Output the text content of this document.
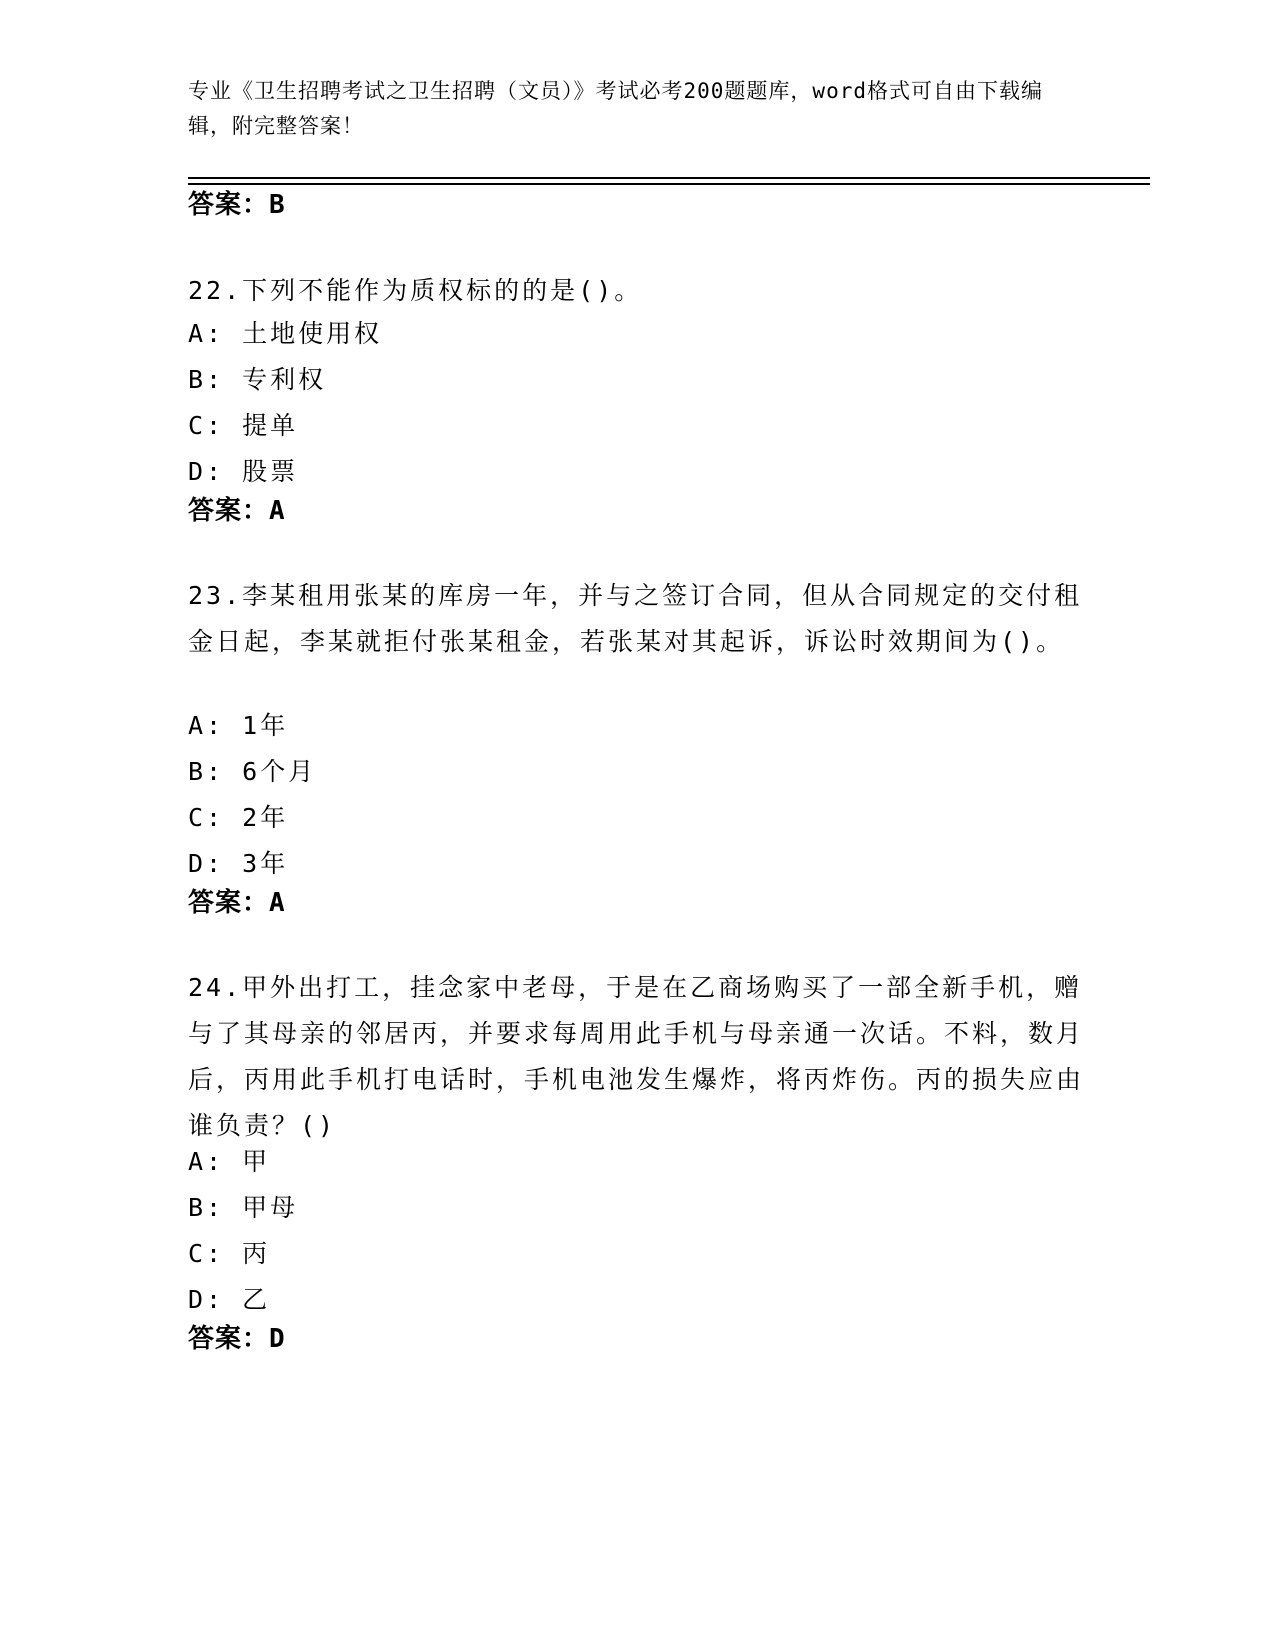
专业《卫生招聘考试之卫生招聘（文员）》考试必考200题题库，word格式可自由下载编辑，附完整答案！
答案：B
22.下列不能作为质权标的的是()。
A: 土地使用权
B: 专利权
C: 提单
D: 股票
答案：A
23.李某租用张某的库房一年，并与之签订合同，但从合同规定的交付租金日起，李某就拒付张某租金，若张某对其起诉，诉讼时效期间为()。
A: 1年
B: 6个月
C: 2年
D: 3年
答案：A
24.甲外出打工，挂念家中老母，于是在乙商场购买了一部全新手机，赠与了其母亲的邻居丙，并要求每周用此手机与母亲通一次话。不料，数月后，丙用此手机打电话时，手机电池发生爆炸，将丙炸伤。丙的损失应由谁负责？()
A: 甲
B: 甲母
C: 丙
D: 乙
答案：D
